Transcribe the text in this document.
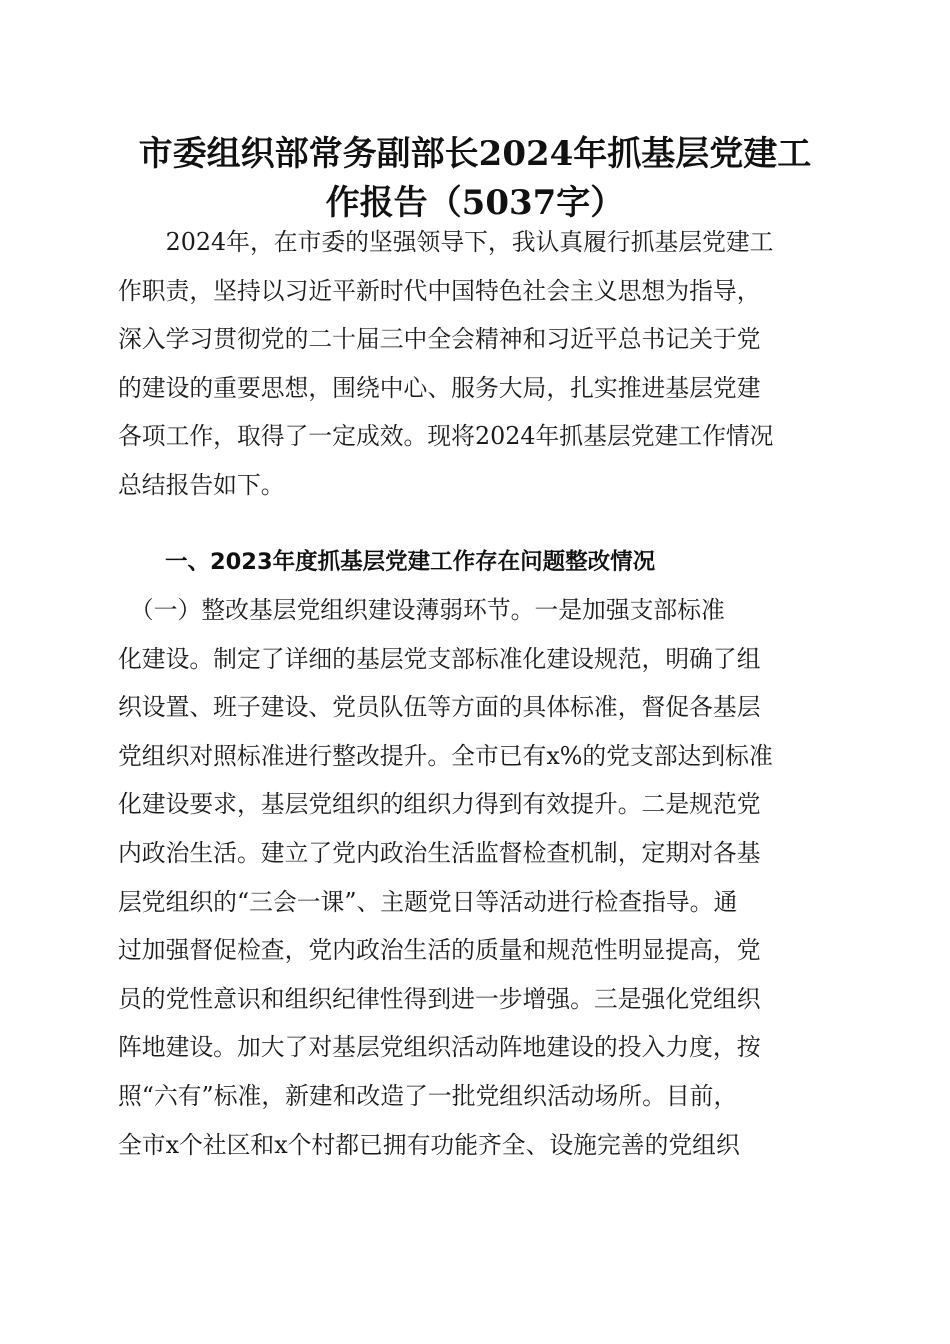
市委组织部常务副部长2024年抓基层党建工
作报告（5037字）
　　2024年，在市委的坚强领导下，我认真履行抓基层党建工
作职责，坚持以习近平新时代中国特色社会主义思想为指导，
深入学习贯彻党的二十届三中全会精神和习近平总书记关于党
的建设的重要思想，围绕中心、服务大局，扎实推进基层党建
各项工作，取得了一定成效。现将2024年抓基层党建工作情况
总结报告如下。
一、2023年度抓基层党建工作存在问题整改情况
　（一）整改基层党组织建设薄弱环节。一是加强支部标准
化建设。制定了详细的基层党支部标准化建设规范，明确了组
织设置、班子建设、党员队伍等方面的具体标准，督促各基层
党组织对照标准进行整改提升。全市已有x%的党支部达到标准
化建设要求，基层党组织的组织力得到有效提升。二是规范党
内政治生活。建立了党内政治生活监督检查机制，定期对各基
层党组织的“三会一课”、主题党日等活动进行检查指导。通
过加强督促检查，党内政治生活的质量和规范性明显提高，党
员的党性意识和组织纪律性得到进一步增强。三是强化党组织
阵地建设。加大了对基层党组织活动阵地建设的投入力度，按
照“六有”标准，新建和改造了一批党组织活动场所。目前，
全市x个社区和x个村都已拥有功能齐全、设施完善的党组织
